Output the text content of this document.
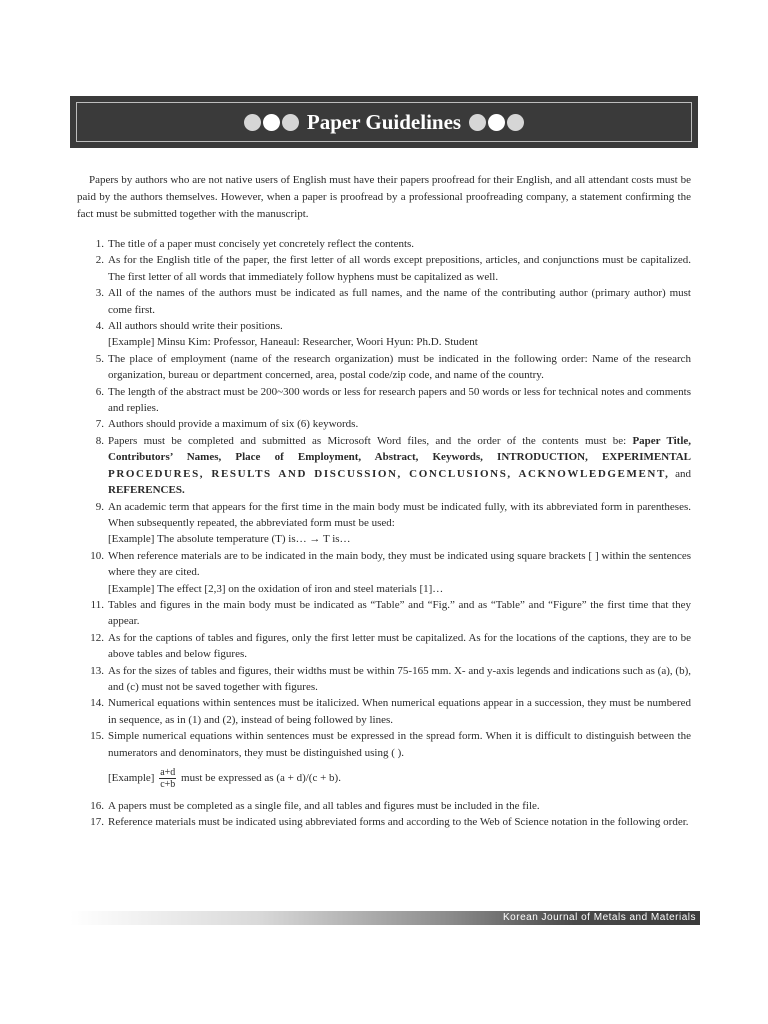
Paper Guidelines

Papers by authors who are not native users of English must have their papers proofread for their English, and all attendant costs must be paid by the authors themselves. However, when a paper is proofread by a professional proofreading company, a statement confirming the fact must be submitted together with the manuscript.

1. The title of a paper must concisely yet concretely reflect the contents.
2. As for the English title of the paper, the first letter of all words except prepositions, articles, and conjunctions must be capitalized. The first letter of all words that immediately follow hyphens must be capitalized as well.
3. All of the names of the authors must be indicated as full names, and the name of the contributing author (primary author) must come first.
4. All authors should write their positions.
[Example] Minsu Kim: Professor, Haneaul: Researcher, Woori Hyun: Ph.D. Student
5. The place of employment (name of the research organization) must be indicated in the following order: Name of the research organization, bureau or department concerned, area, postal code/zip code, and name of the country.
6. The length of the abstract must be 200~300 words or less for research papers and 50 words or less for technical notes and comments and replies.
7. Authors should provide a maximum of six (6) keywords.
8. Papers must be completed and submitted as Microsoft Word files, and the order of the contents must be: Paper Title, Contributors’ Names, Place of Employment, Abstract, Keywords, INTRODUCTION, EXPERIMENTAL PROCEDURES, RESULTS AND DISCUSSION, CONCLUSIONS, ACKNOWLEDGEMENT, and REFERENCES.
9. An academic term that appears for the first time in the main body must be indicated fully, with its abbreviated form in parentheses. When subsequently repeated, the abbreviated form must be used:
[Example] The absolute temperature (T) is… → T is…
10. When reference materials are to be indicated in the main body, they must be indicated using square brackets [ ] within the sentences where they are cited.
[Example] The effect [2,3] on the oxidation of iron and steel materials [1]…
11. Tables and figures in the main body must be indicated as “Table” and “Fig.” and as “Table” and “Figure” the first time that they appear.
12. As for the captions of tables and figures, only the first letter must be capitalized. As for the locations of the captions, they are to be above tables and below figures.
13. As for the sizes of tables and figures, their widths must be within 75-165 mm. X- and y-axis legends and indications such as (a), (b), and (c) must not be saved together with figures.
14. Numerical equations within sentences must be italicized. When numerical equations appear in a succession, they must be numbered in sequence, as in (1) and (2), instead of being followed by lines.
15. Simple numerical equations within sentences must be expressed in the spread form. When it is difficult to distinguish between the numerators and denominators, they must be distinguished using ( ).
[Example] $\frac{a+d}{c+b}$ must be expressed as (a + d)/(c + b).
16. A papers must be completed as a single file, and all tables and figures must be included in the file.
17. Reference materials must be indicated using abbreviated forms and according to the Web of Science notation in the following order.
Korean Journal of Metals and Materials
